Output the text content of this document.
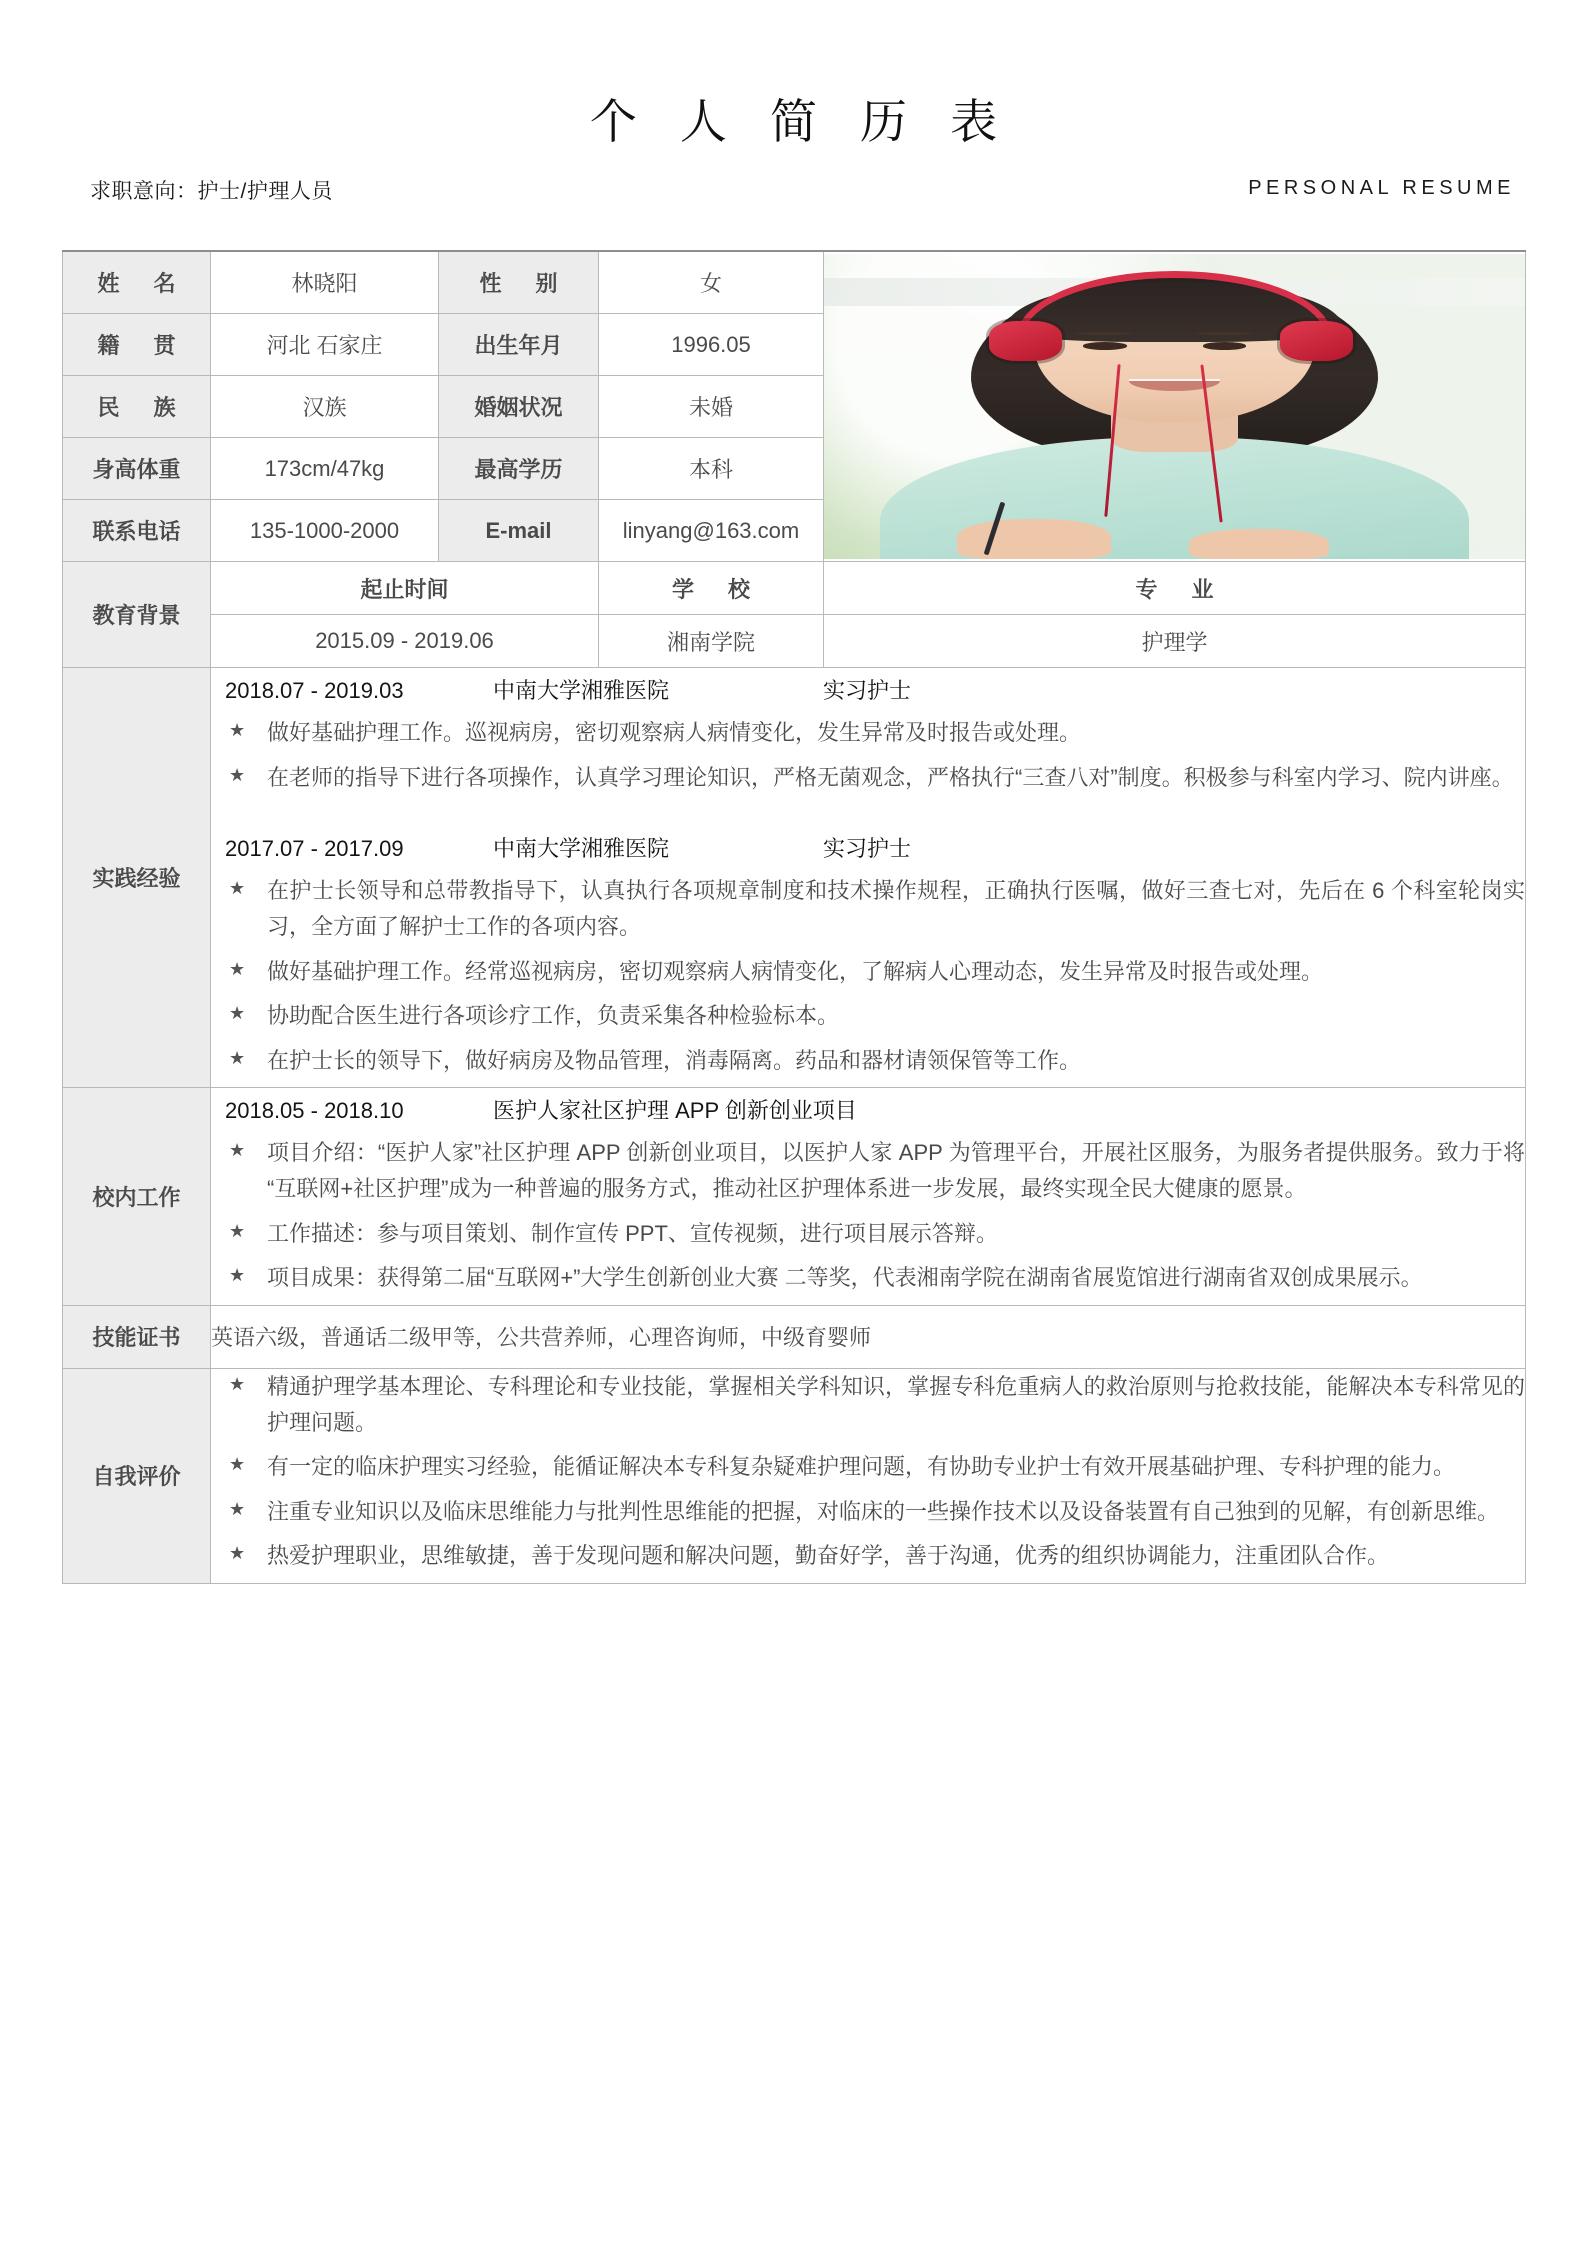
个 人 简 历 表
求职意向：护士/护理人员	PERSONAL RESUME
姓 名	林晓阳	性 别	女	

籍 贯	河北 石家庄	出生年月	1996.05	
民 族	汉族	婚姻状况	未婚	
身高体重	173cm/47kg	最高学历	本科	
联系电话	135-1000-2000	E-mail	linyang@163.com	
教育背景	起止时间		学 校	专 业
	2015.09 - 2019.06		湘南学院	护理学
实践经验	
2018.07 - 2019.03	中南大学湘雅医院	实习护士
★ 做好基础护理工作。巡视病房，密切观察病人病情变化，发生异常及时报告或处理。
★ 在老师的指导下进行各项操作，认真学习理论知识，严格无菌观念，严格执行“三查八对”制度。积极参与科室内学习、院内讲座。
2017.07 - 2017.09	中南大学湘雅医院	实习护士
★ 在护士长领导和总带教指导下，认真执行各项规章制度和技术操作规程，正确执行医嘱，做好三查七对，先后在 6 个科室轮岗实习，全方面了解护士工作的各项内容。
★ 做好基础护理工作。经常巡视病房，密切观察病人病情变化，了解病人心理动态，发生异常及时报告或处理。
★ 协助配合医生进行各项诊疗工作，负责采集各种检验标本。
★ 在护士长的领导下，做好病房及物品管理，消毒隔离。药品和器材请领保管等工作。

校内工作	
2018.05 - 2018.10	医护人家社区护理 APP 创新创业项目
★ 项目介绍：“医护人家”社区护理 APP 创新创业项目，以医护人家 APP 为管理平台，开展社区服务，为服务者提供服务。致力于将“互联网+社区护理”成为一种普遍的服务方式，推动社区护理体系进一步发展，最终实现全民大健康的愿景。
★ 工作描述：参与项目策划、制作宣传 PPT、宣传视频，进行项目展示答辩。
★ 项目成果：获得第二届“互联网+”大学生创新创业大赛 二等奖，代表湘南学院在湖南省展览馆进行湖南省双创成果展示。

技能证书	英语六级，普通话二级甲等，公共营养师，心理咨询师，中级育婴师			
自我评价	
★ 精通护理学基本理论、专科理论和专业技能，掌握相关学科知识，掌握专科危重病人的救治原则与抢救技能，能解决本专科常见的护理问题。
★ 有一定的临床护理实习经验，能循证解决本专科复杂疑难护理问题，有协助专业护士有效开展基础护理、专科护理的能力。
★ 注重专业知识以及临床思维能力与批判性思维能的把握，对临床的一些操作技术以及设备装置有自己独到的见解，有创新思维。
★ 热爱护理职业，思维敏捷，善于发现问题和解决问题，勤奋好学，善于沟通，优秀的组织协调能力，注重团队合作。
